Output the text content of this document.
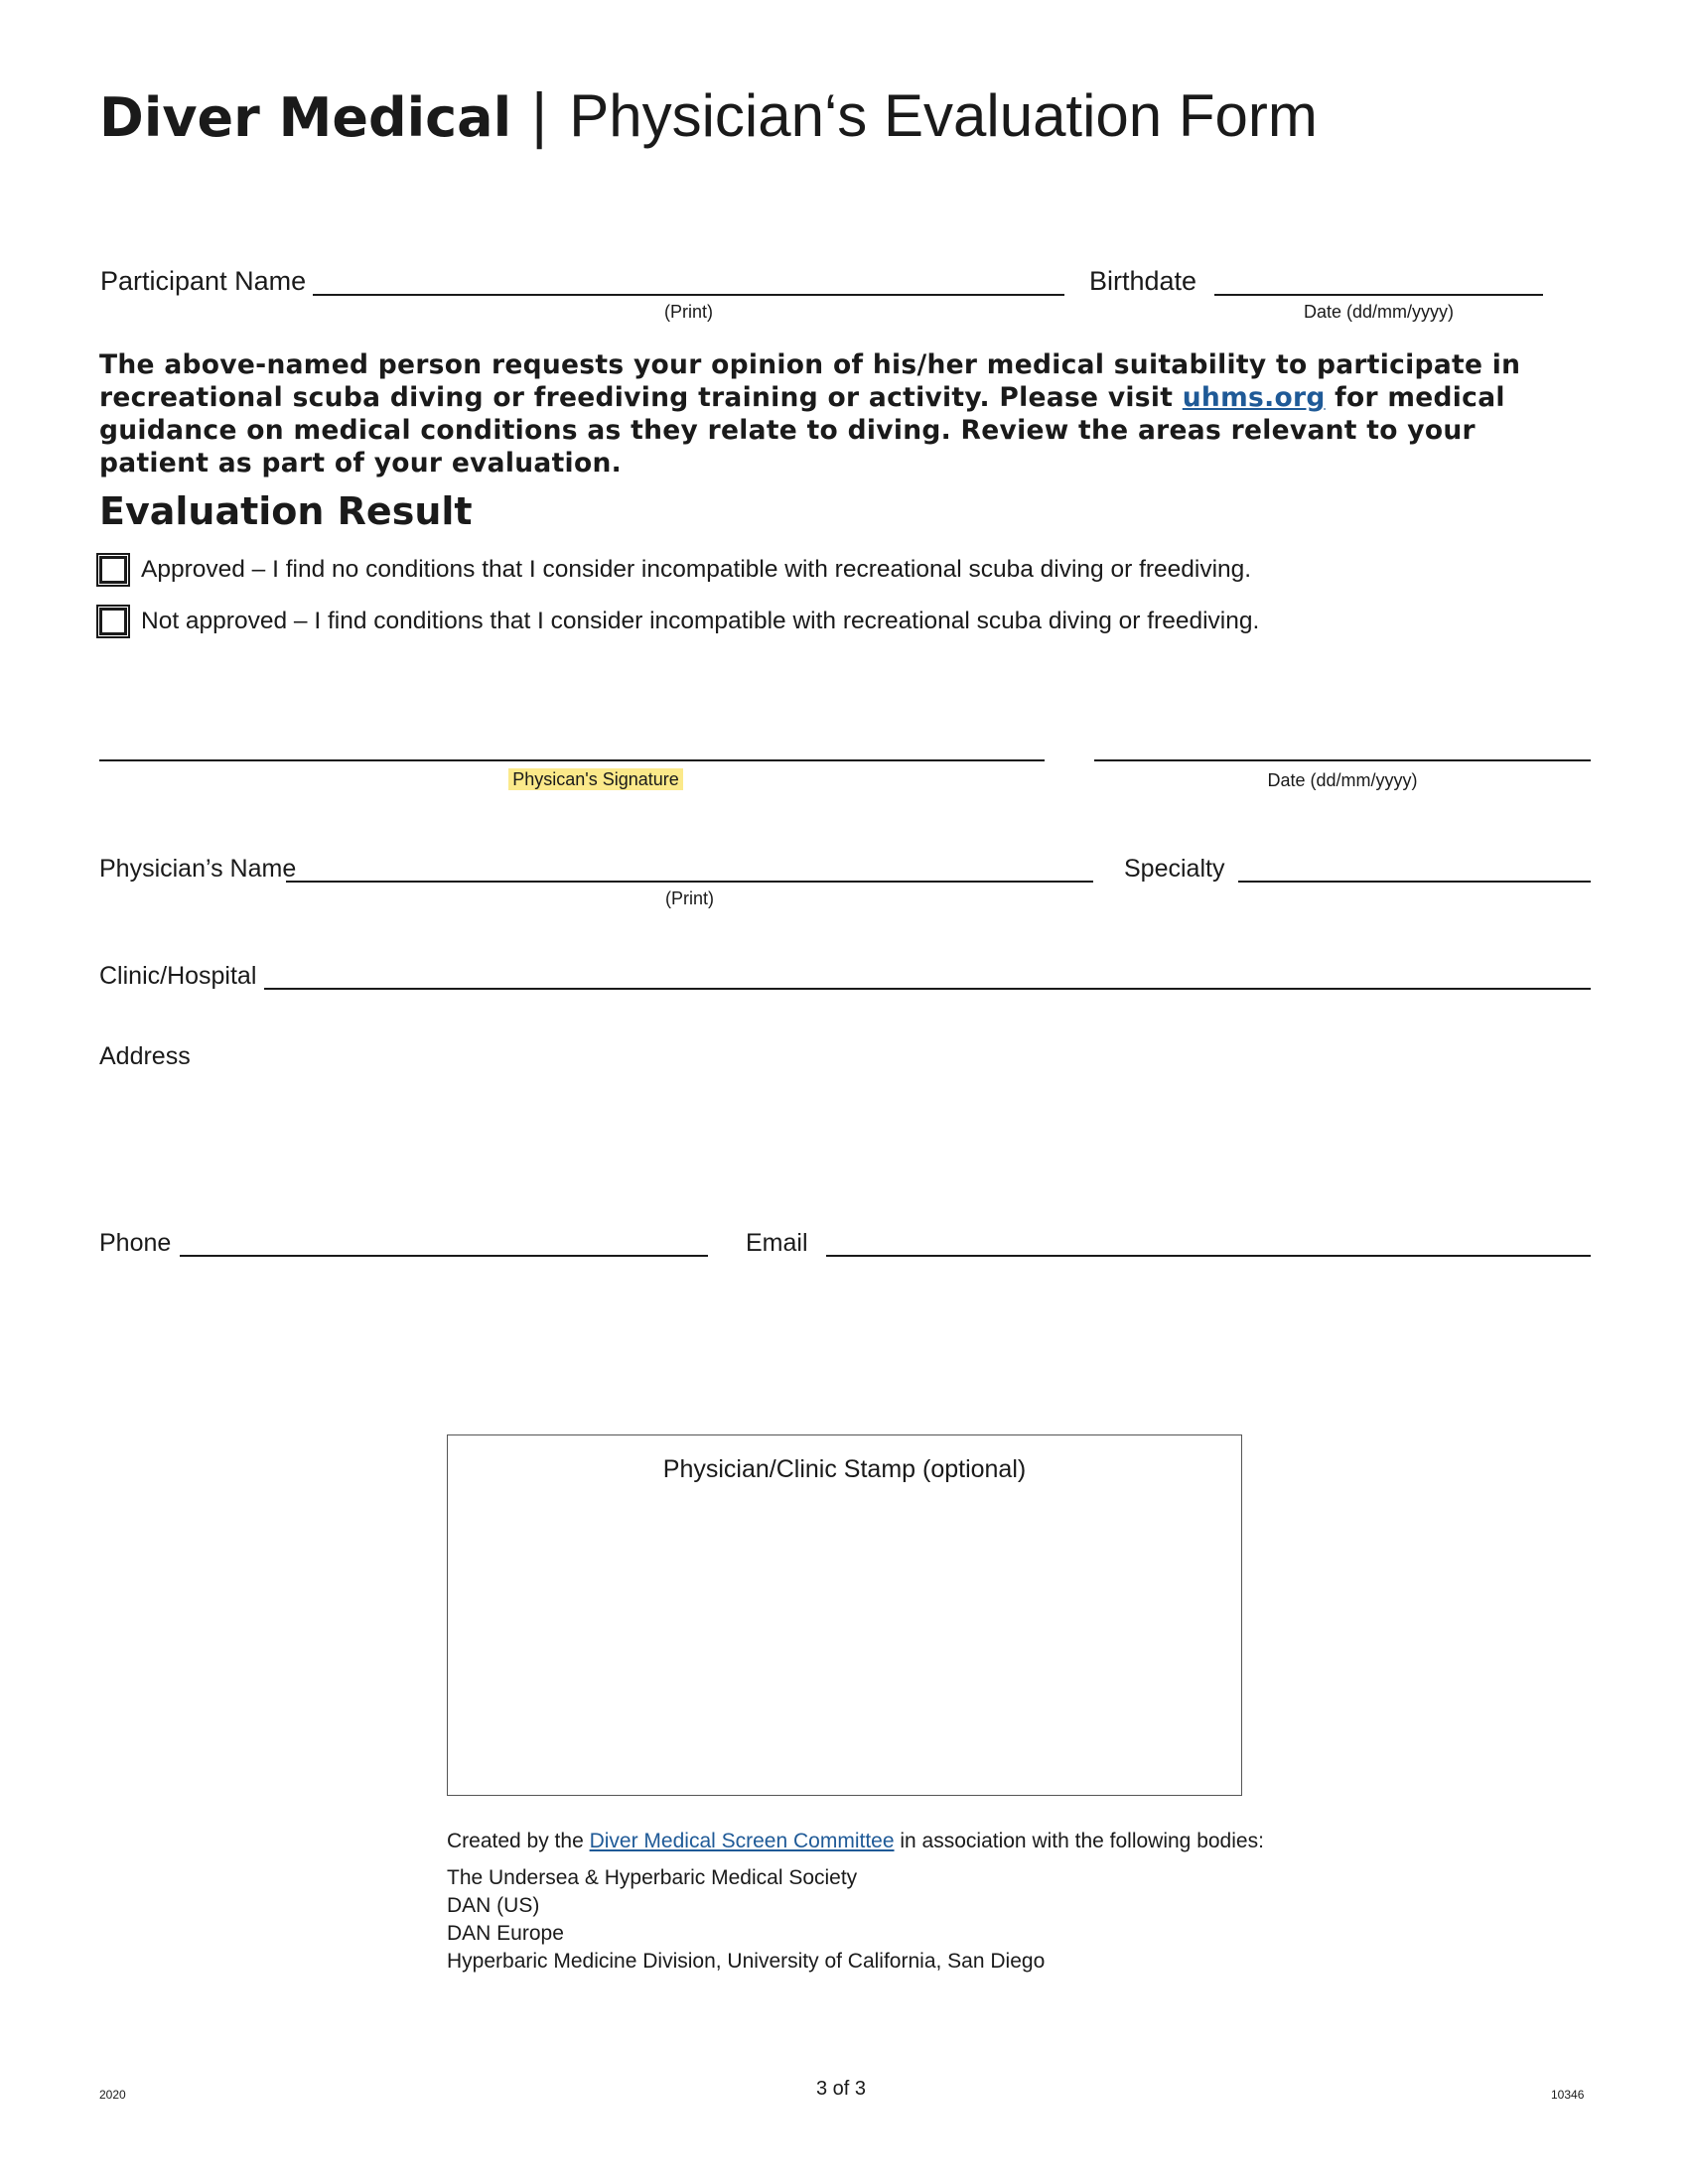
Diver Medical | Physician‘s Evaluation Form
Participant Name
(Print)
Birthdate
Date (dd/mm/yyyy)
The above-named person requests your opinion of his/her medical suitability to participate in recreational scuba diving or freediving training or activity. Please visit uhms.org for medical guidance on medical conditions as they relate to diving. Review the areas relevant to your patient as part of your evaluation.
Evaluation Result
Approved – I find no conditions that I consider incompatible with recreational scuba diving or freediving.
Not approved – I find conditions that I consider incompatible with recreational scuba diving or freediving.
Physican's Signature	Date (dd/mm/yyyy)
Physician’s Name
(Print)
Specialty
Clinic/Hospital
Address
Phone	Email
Physician/Clinic Stamp (optional)
Created by the Diver Medical Screen Committee in association with the following bodies:
The Undersea & Hyperbaric Medical Society
DAN (US)
DAN Europe
Hyperbaric Medicine Division, University of California, San Diego
2020	3 of 3	10346
